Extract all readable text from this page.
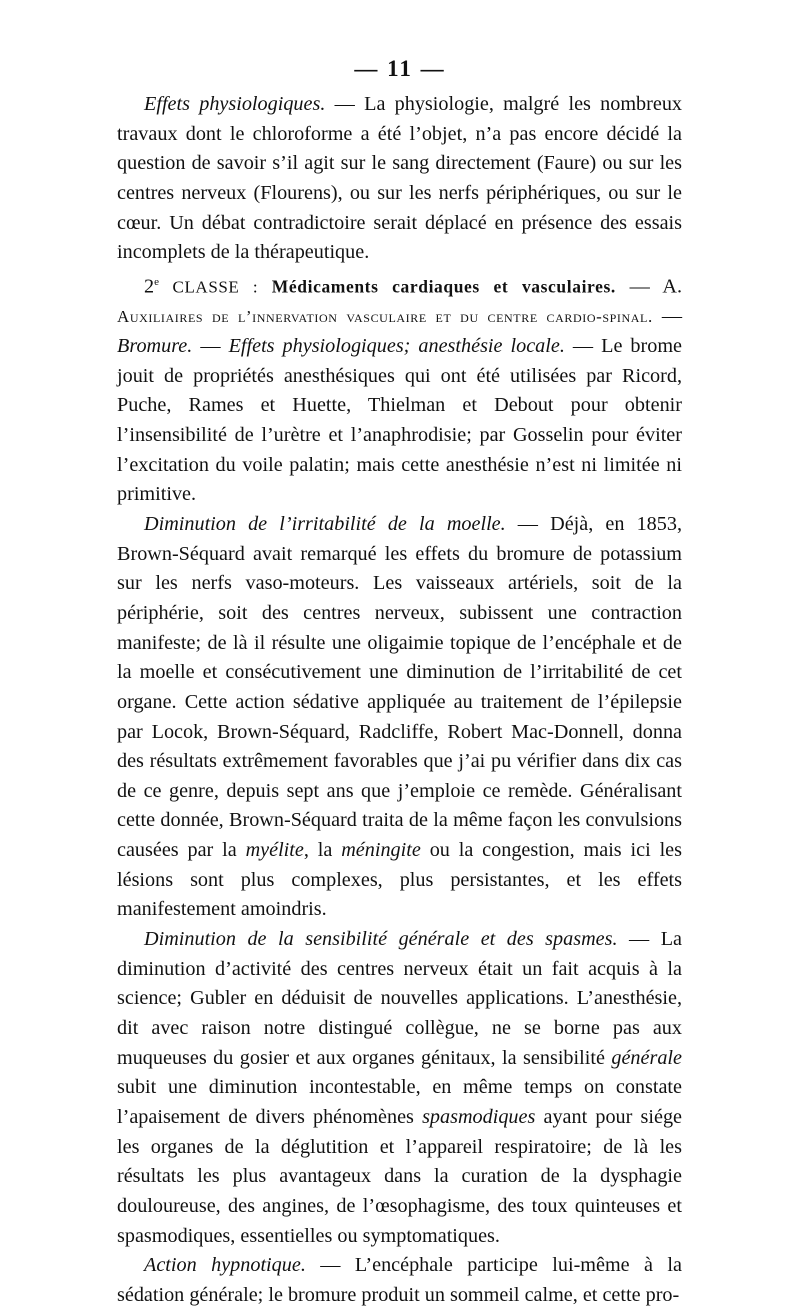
— 11 —

Effets physiologiques. — La physiologie, malgré les nombreux travaux dont le chloroforme a été l’objet, n’a pas encore décidé la question de savoir s’il agit sur le sang directement (Faure) ou sur les centres nerveux (Flourens), ou sur les nerfs périphériques, ou sur le cœur. Un débat contradictoire serait déplacé en présence des essais incomplets de la thérapeutique.

2e CLASSE : Médicaments cardiaques et vasculaires. — A. Auxiliaires de l’innervation vasculaire et du centre cardio-spinal. — Bromure. — Effets physiologiques; anesthésie locale. — Le brome jouit de propriétés anesthésiques qui ont été utilisées par Ricord, Puche, Rames et Huette, Thielman et Debout pour obtenir l’insensibilité de l’urètre et l’anaphrodisie; par Gosselin pour éviter l’excitation du voile palatin; mais cette anesthésie n’est ni limitée ni primitive.

Diminution de l’irritabilité de la moelle. — Déjà, en 1853, Brown-Séquard avait remarqué les effets du bromure de potassium sur les nerfs vaso-moteurs. Les vaisseaux artériels, soit de la périphérie, soit des centres nerveux, subissent une contraction manifeste; de là il résulte une oligaimie topique de l’encéphale et de la moelle et consécutivement une diminution de l’irritabilité de cet organe. Cette action sédative appliquée au traitement de l’épilepsie par Locok, Brown-Séquard, Radcliffe, Robert Mac-Donnell, donna des résultats extrêmement favorables que j’ai pu vérifier dans dix cas de ce genre, depuis sept ans que j’emploie ce remède. Généralisant cette donnée, Brown-Séquard traita de la même façon les convulsions causées par la myélite, la méningite ou la congestion, mais ici les lésions sont plus complexes, plus persistantes, et les effets manifestement amoindris.

Diminution de la sensibilité générale et des spasmes. — La diminution d’activité des centres nerveux était un fait acquis à la science; Gubler en déduisit de nouvelles applications. L’anesthésie, dit avec raison notre distingué collègue, ne se borne pas aux muqueuses du gosier et aux organes génitaux, la sensibilité générale subit une diminution incontestable, en même temps on constate l’apaisement de divers phénomènes spasmodiques ayant pour siége les organes de la déglutition et l’appareil respiratoire; de là les résultats les plus avantageux dans la curation de la dysphagie douloureuse, des angines, de l’œsophagisme, des toux quinteuses et spasmodiques, essentielles ou symptomatiques.

Action hypnotique. — L’encéphale participe lui-même à la sédation générale; le bromure produit un sommeil calme, et cette pro-
